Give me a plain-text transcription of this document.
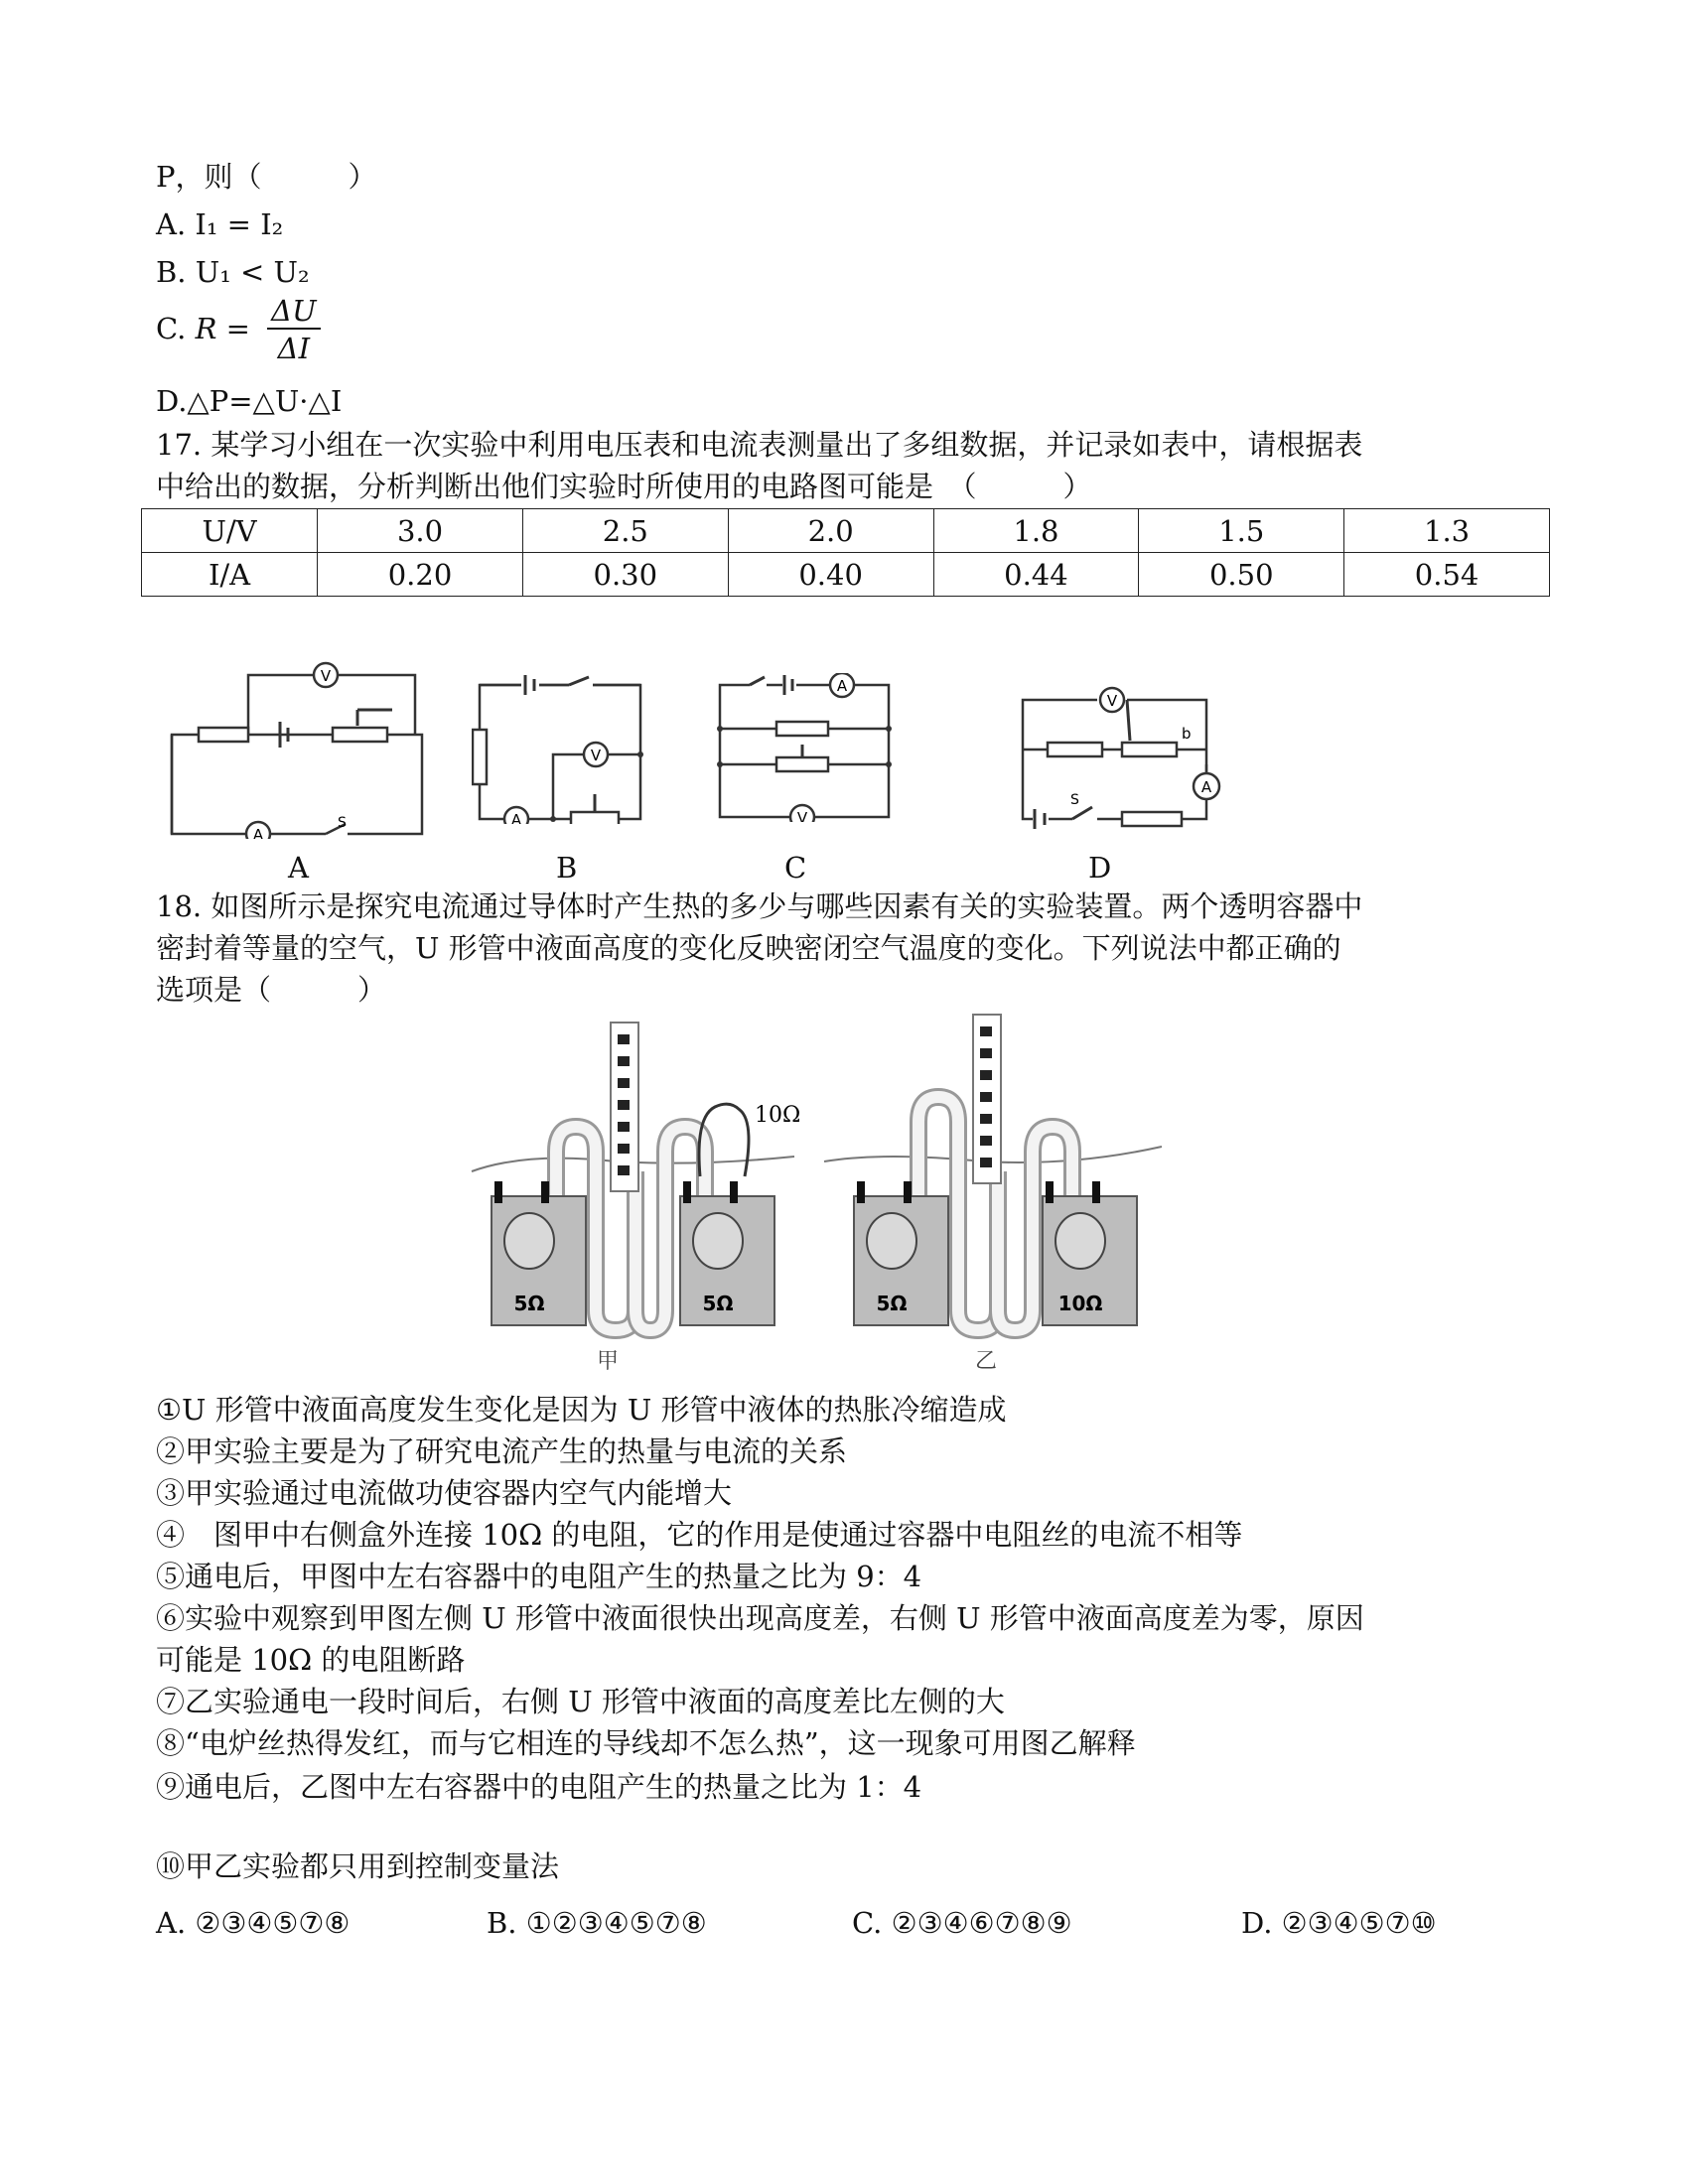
P，则（　　　）
A. I₁ = I₂
B. U₁ < U₂
C. $R = \frac{\Delta U}{\Delta I}$
D.△P=△U·△I
17. 某学习小组在一次实验中利用电压表和电流表测量出了多组数据，并记录如表中，请根据表
中给出的数据，分析判断出他们实验时所使用的电路图可能是　（　　　）
U/V	3.0	2.5	2.0	1.8	1.5	1.3
I/A	0.20	0.30	0.40	0.44	0.50	0.54
V
A
S
V
A
A
V
V
A
S
b
A	B	C	D
18. 如图所示是探究电流通过导体时产生热的多少与哪些因素有关的实验装置。两个透明容器中
密封着等量的空气，U 形管中液面高度的变化反映密闭空气温度的变化。下列说法中都正确的
选项是（　　　）
5Ω	5Ω
10Ω
甲
5Ω	10Ω
乙
①U 形管中液面高度发生变化是因为 U 形管中液体的热胀冷缩造成
②甲实验主要是为了研究电流产生的热量与电流的关系
③甲实验通过电流做功使容器内空气内能增大
④　图甲中右侧盒外连接 10Ω 的电阻，它的作用是使通过容器中电阻丝的电流不相等
⑤通电后，甲图中左右容器中的电阻产生的热量之比为 9：4
⑥实验中观察到甲图左侧 U 形管中液面很快出现高度差，右侧 U 形管中液面高度差为零，原因
可能是 10Ω 的电阻断路
⑦乙实验通电一段时间后，右侧 U 形管中液面的高度差比左侧的大
⑧“电炉丝热得发红，而与它相连的导线却不怎么热”，这一现象可用图乙解释
⑨通电后，乙图中左右容器中的电阻产生的热量之比为 1：4
⑩甲乙实验都只用到控制变量法
A. ②③④⑤⑦⑧	B. ①②③④⑤⑦⑧	C. ②③④⑥⑦⑧⑨	D. ②③④⑤⑦⑩
